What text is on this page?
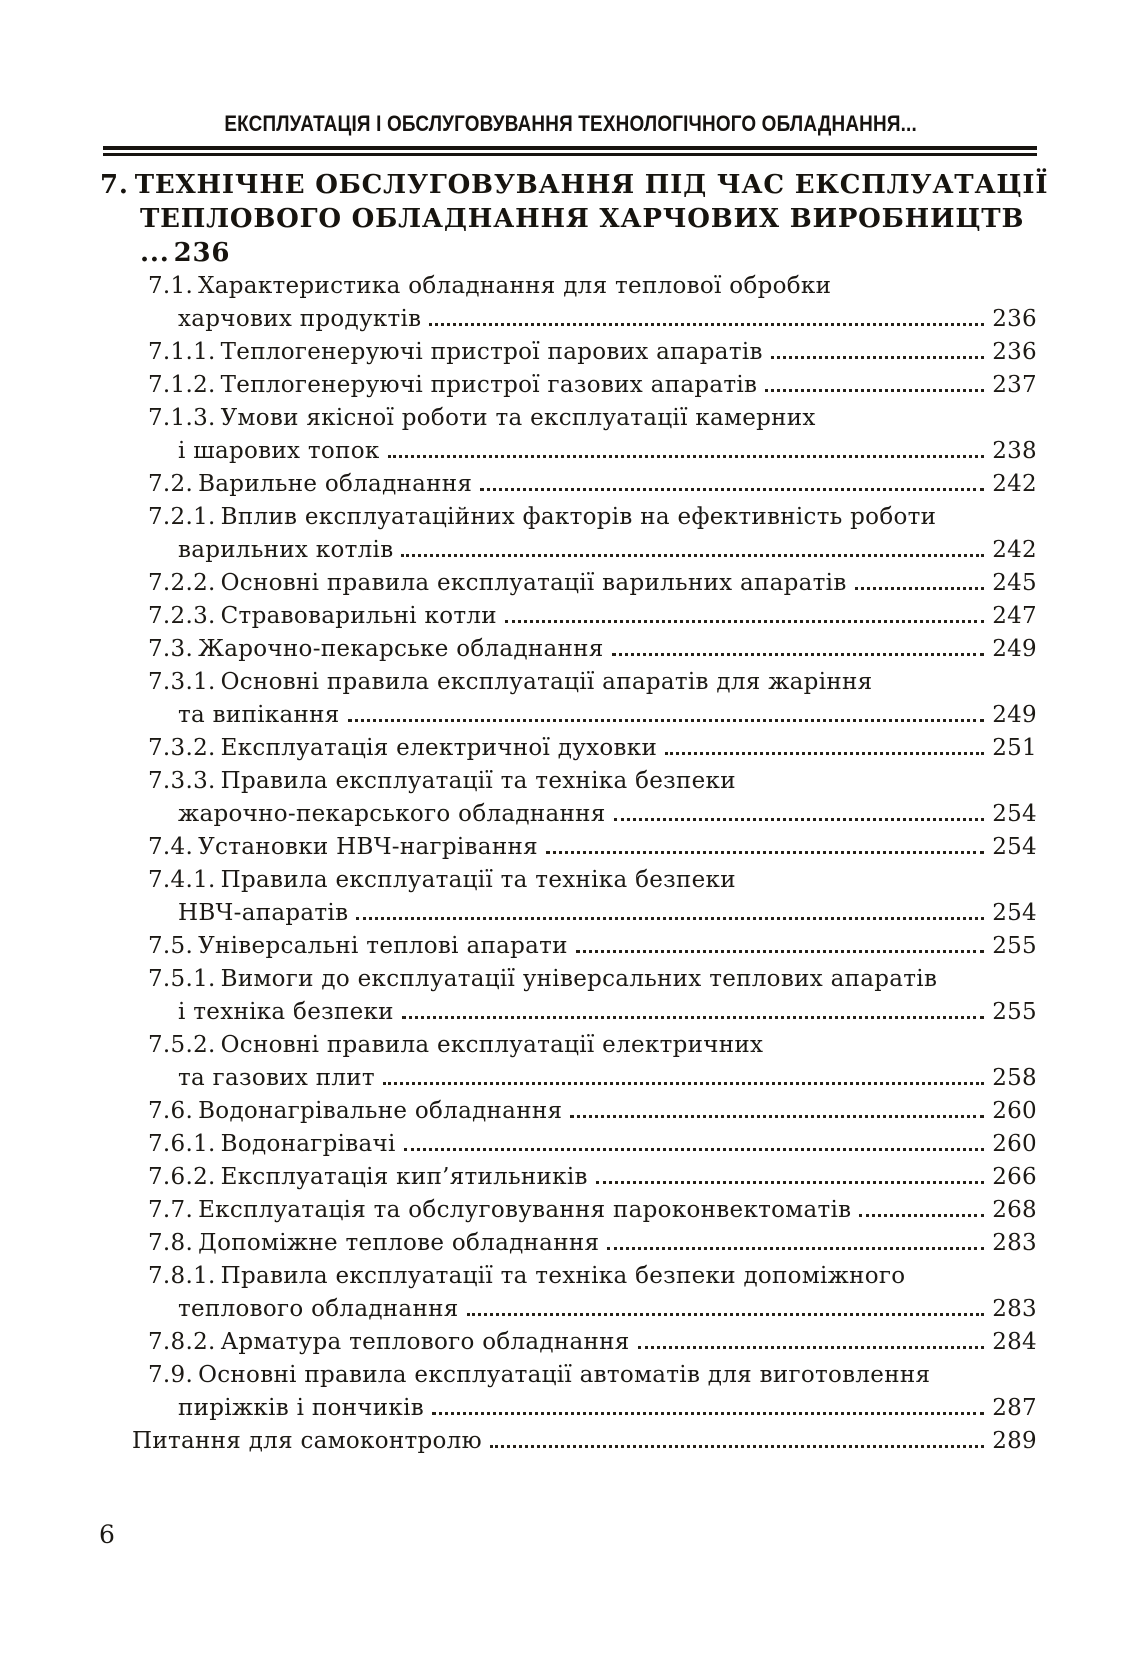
ЕКСПЛУАТАЦІЯ І ОБСЛУГОВУВАННЯ ТЕХНОЛОГІЧНОГО ОБЛАДНАННЯ...
7. ТЕХНІЧНЕ ОБСЛУГОВУВАННЯ ПІД ЧАС ЕКСПЛУАТАЦІЇ
ТЕПЛОВОГО ОБЛАДНАННЯ ХАРЧОВИХ ВИРОБНИЦТВ ... 236
7.1. Характеристика обладнання для теплової обробки
харчових продуктів	236
7.1.1. Теплогенеруючі пристрої парових апаратів	236
7.1.2. Теплогенеруючі пристрої газових апаратів	237
7.1.3. Умови якісної роботи та експлуатації камерних
і шарових топок	238
7.2. Варильне обладнання	242
7.2.1. Вплив експлуатаційних факторів на ефективність роботи
варильних котлів	242
7.2.2. Основні правила експлуатації варильних апаратів	245
7.2.3. Стравоварильні котли	247
7.3. Жарочно-пекарське обладнання	249
7.3.1. Основні правила експлуатації апаратів для жаріння
та випікання	249
7.3.2. Експлуатація електричної духовки	251
7.3.3. Правила експлуатації та техніка безпеки
жарочно-пекарського обладнання	254
7.4. Установки НВЧ-нагрівання	254
7.4.1. Правила експлуатації та техніка безпеки
НВЧ-апаратів	254
7.5. Універсальні теплові апарати	255
7.5.1. Вимоги до експлуатації універсальних теплових апаратів
і техніка безпеки	255
7.5.2. Основні правила експлуатації електричних
та газових плит	258
7.6. Водонагрівальне обладнання	260
7.6.1. Водонагрівачі	260
7.6.2. Експлуатація кип’ятильників	266
7.7. Експлуатація та обслуговування пароконвектоматів	268
7.8. Допоміжне теплове обладнання	283
7.8.1. Правила експлуатації та техніка безпеки допоміжного
теплового обладнання	283
7.8.2. Арматура теплового обладнання	284
7.9. Основні правила експлуатації автоматів для виготовлення
пиріжків і пончиків	287
Питання для самоконтролю	289
6
